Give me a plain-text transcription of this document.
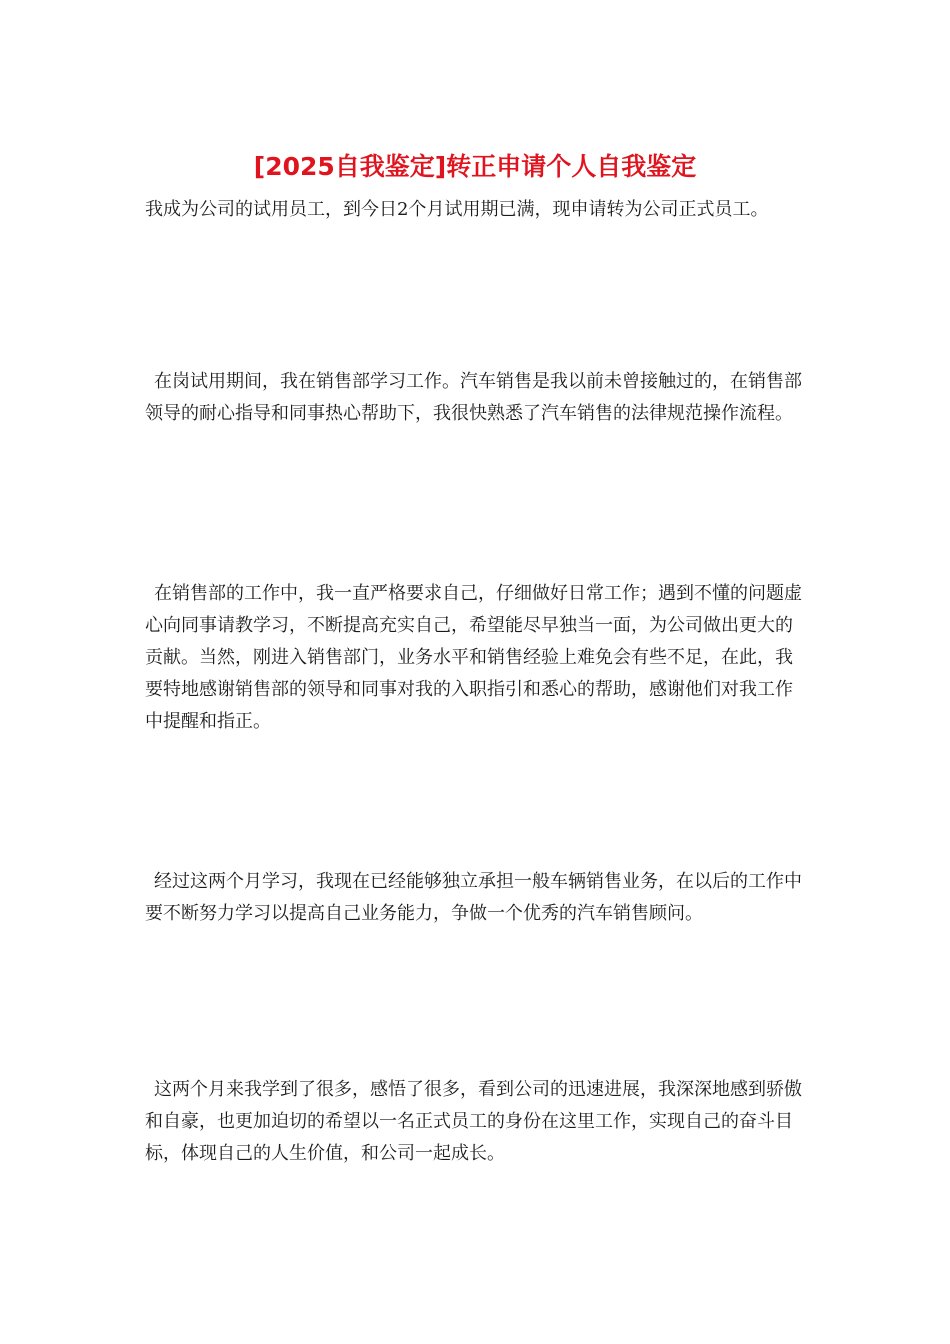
[2025自我鉴定]转正申请个人自我鉴定

我成为公司的试用员工，到今日2个月试用期已满，现申请转为公司正式员工。

在岗试用期间，我在销售部学习工作。汽车销售是我以前未曾接触过的，在销售部领导的耐心指导和同事热心帮助下，我很快熟悉了汽车销售的法律规范操作流程。

在销售部的工作中，我一直严格要求自己，仔细做好日常工作；遇到不懂的问题虚心向同事请教学习，不断提高充实自己，希望能尽早独当一面，为公司做出更大的贡献。当然，刚进入销售部门，业务水平和销售经验上难免会有些不足，在此，我要特地感谢销售部的领导和同事对我的入职指引和悉心的帮助，感谢他们对我工作中提醒和指正。

经过这两个月学习，我现在已经能够独立承担一般车辆销售业务，在以后的工作中要不断努力学习以提高自己业务能力，争做一个优秀的汽车销售顾问。

这两个月来我学到了很多，感悟了很多，看到公司的迅速进展，我深深地感到骄傲和自豪，也更加迫切的希望以一名正式员工的身份在这里工作，实现自己的奋斗目标，体现自己的人生价值，和公司一起成长。
